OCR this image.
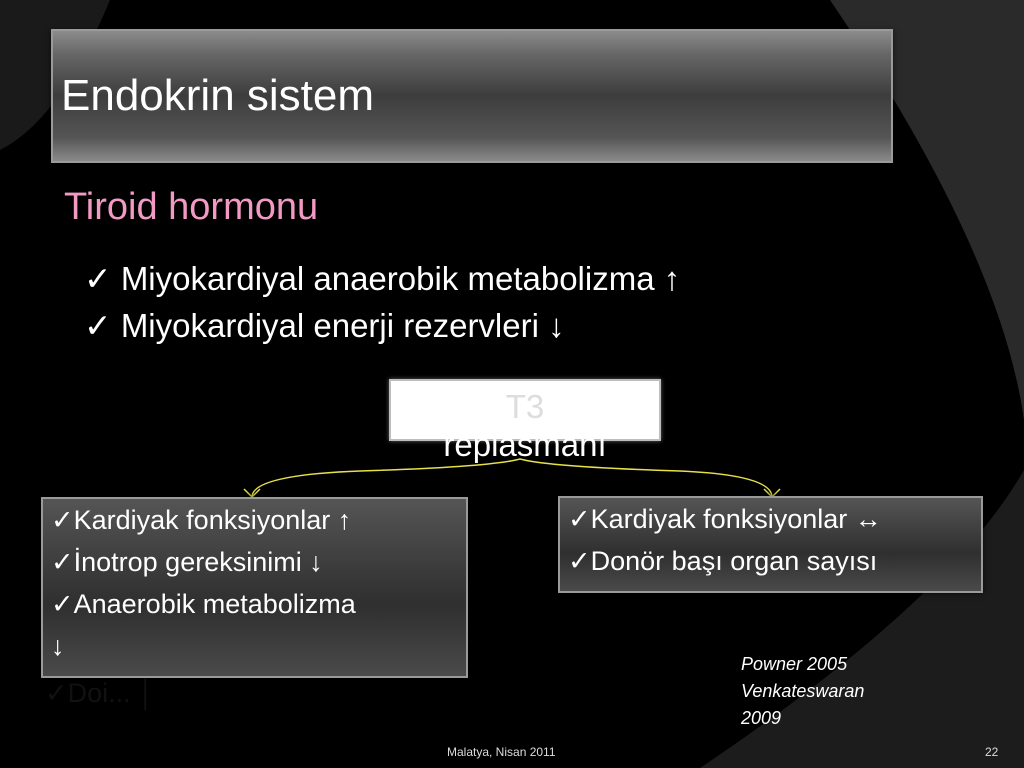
Endokrin sistem
Tiroid hormonu
✓ Miyokardiyal anaerobik metabolizma ↑
✓ Miyokardiyal enerji rezervleri ↓
T3
replasmanı
✓Doi... │
✓Kardiyak fonksiyonlar ↑
✓İnotrop gereksinimi ↓
✓Anaerobik metabolizma
↓
✓Kardiyak fonksiyonlar ↔
✓Donör başı organ sayısı
Powner 2005
Venkateswaran
2009
Malatya, Nisan 2011	22
